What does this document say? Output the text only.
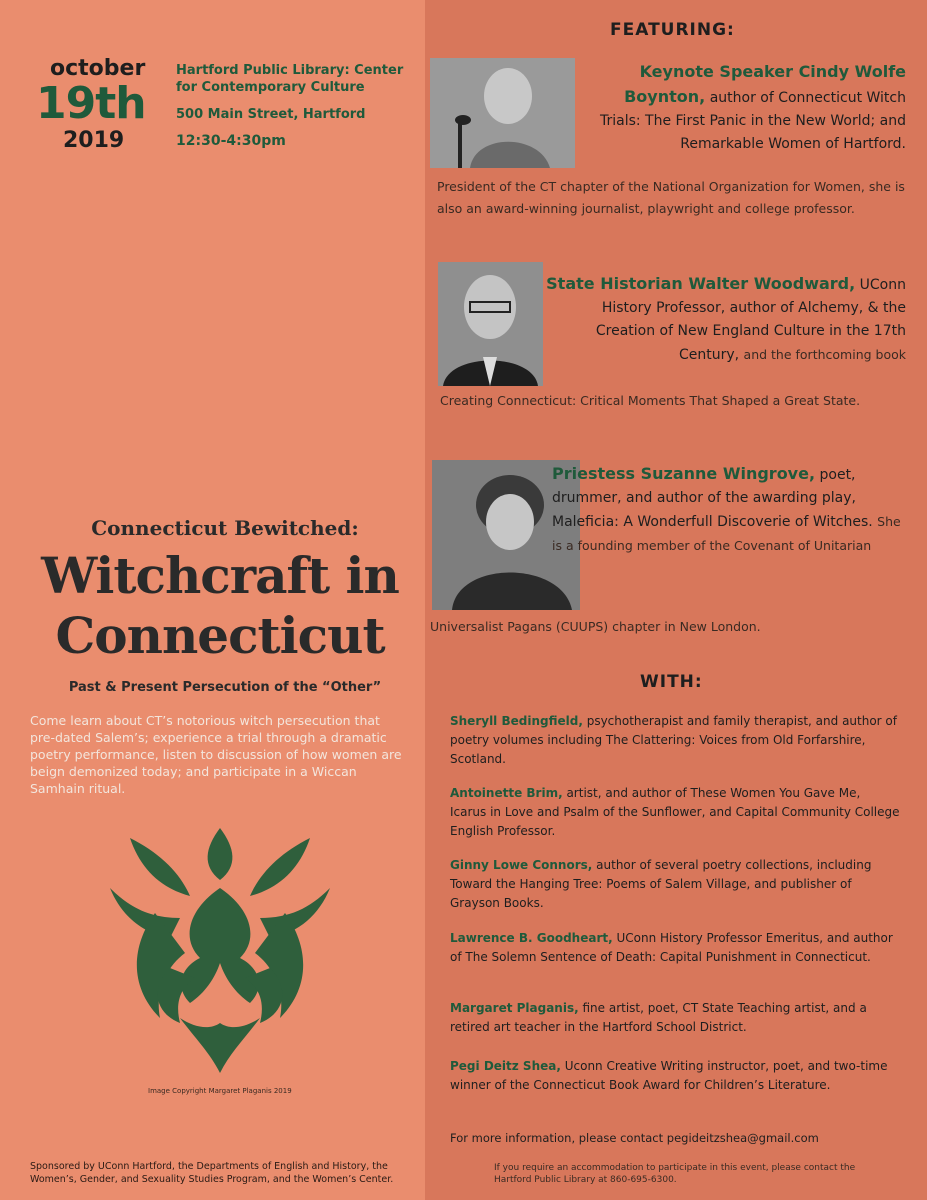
october
19th
2019
Hartford Public Library: Center for Contemporary Culture
500 Main Street, Hartford
12:30-4:30pm
Connecticut Bewitched:
Witchcraft in
Connecticut
Past & Present Persecution of the “Other”
Come learn about CT’s notorious witch persecution that pre-dated Salem’s; experience a trial through a dramatic poetry performance, listen to discussion of how women are beign demonized today; and participate in a Wiccan Samhain ritual.
Image Copyright Margaret Plaganis 2019
Sponsored by UConn Hartford, the Departments of English and History, the Women’s, Gender, and Sexuality Studies Program, and the Women’s Center.
FEATURING:
Keynote Speaker Cindy Wolfe Boynton, author of Connecticut Witch Trials: The First Panic in the New World; and Remarkable Women of Hartford.
President of the CT chapter of the National Organization for Women, she is also an award-winning journalist, playwright and college professor.
State Historian Walter Woodward, UConn History Professor, author of Alchemy, & the Creation of New England Culture in the 17th Century, and the forthcoming book
Creating Connecticut: Critical Moments That Shaped a Great State.
Priestess Suzanne Wingrove, poet, drummer, and author of the awarding play, Maleficia: A Wonderfull Discoverie of Witches. She is a founding member of the Covenant of Unitarian
Universalist Pagans (CUUPS) chapter in New London.
WITH:
Sheryll Bedingfield, psychotherapist and family therapist, and author of poetry volumes including The Clattering: Voices from Old Forfarshire, Scotland.
Antoinette Brim, artist, and author of These Women You Gave Me, Icarus in Love and Psalm of the Sunflower, and Capital Community College English Professor.
Ginny Lowe Connors, author of several poetry collections, including Toward the Hanging Tree: Poems of Salem Village, and publisher of Grayson Books.
Lawrence B. Goodheart, UConn History Professor Emeritus, and author of The Solemn Sentence of Death: Capital Punishment in Connecticut.
Margaret Plaganis, fine artist, poet, CT State Teaching artist, and a retired art teacher in the Hartford School District.
Pegi Deitz Shea, Uconn Creative Writing instructor, poet, and two-time winner of the Connecticut Book Award for Children’s Literature.
For more information, please contact pegideitzshea@gmail.com
If you require an accommodation to participate in this event, please contact the Hartford Public Library at 860-695-6300.
